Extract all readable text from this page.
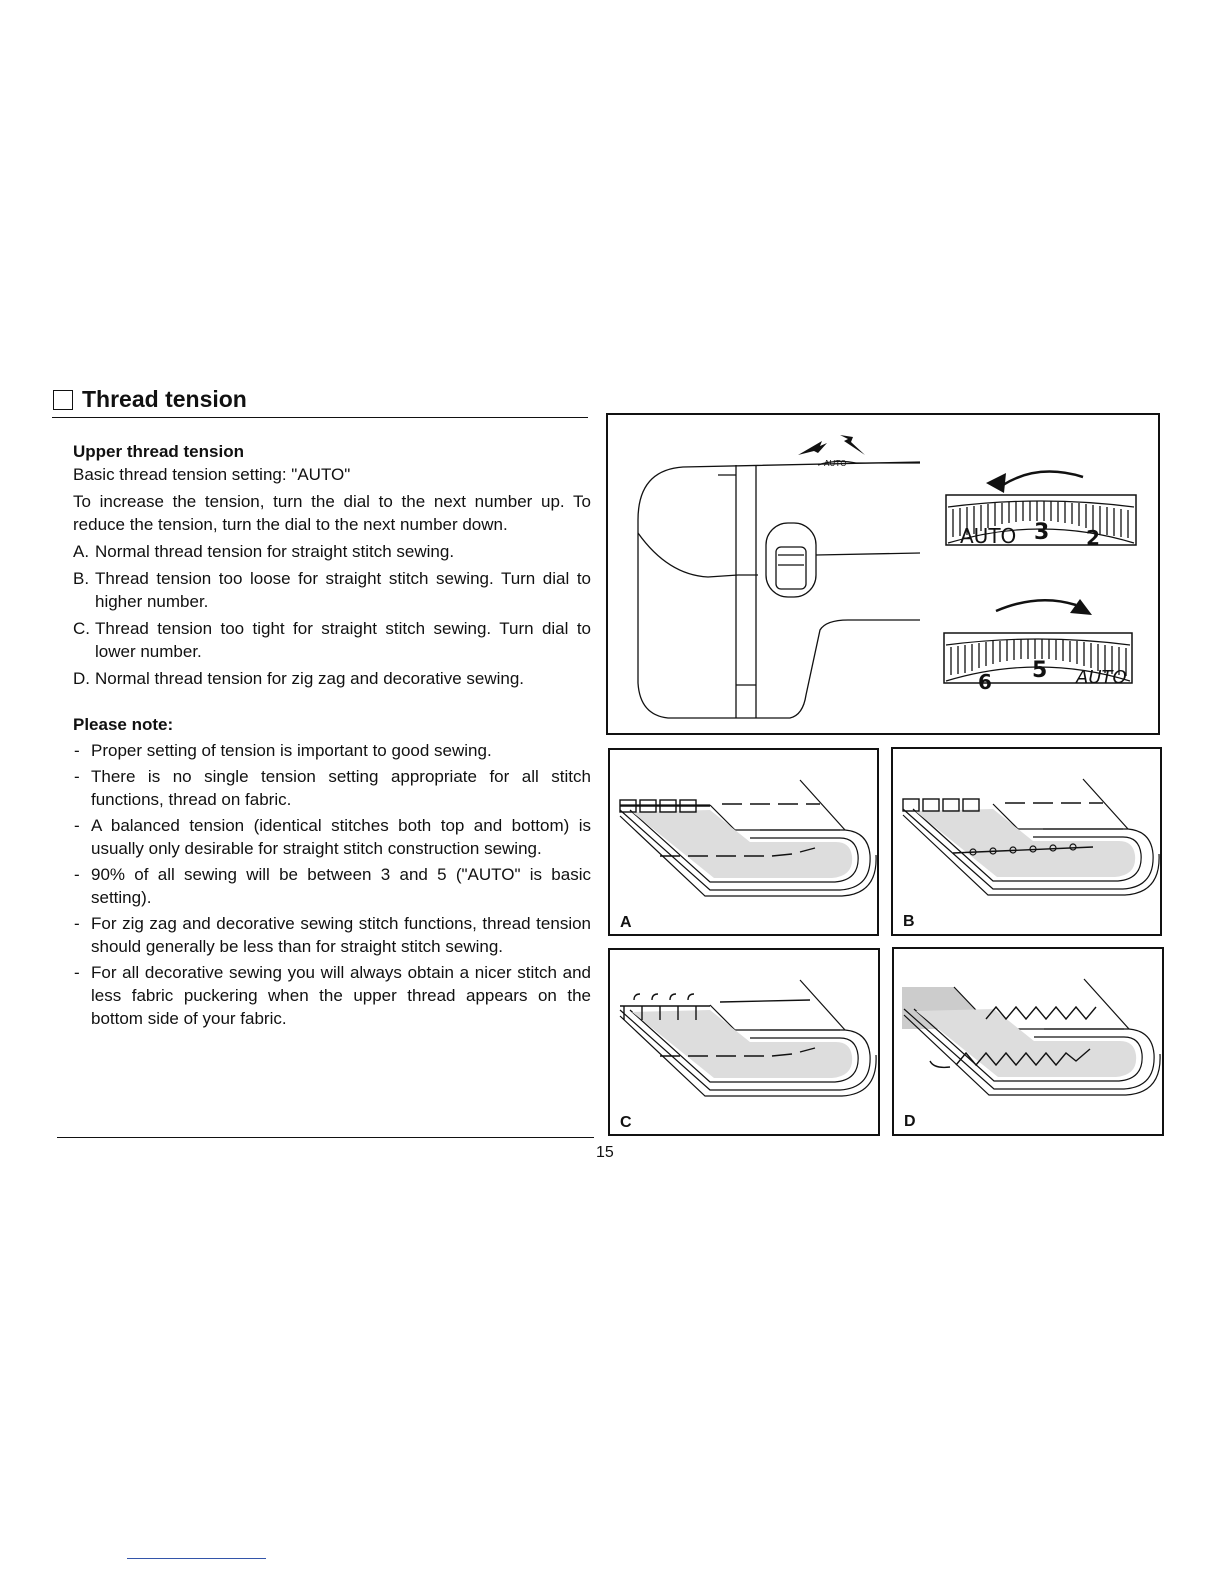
Thread tension

Upper thread tension

Basic thread tension setting: "AUTO"

To increase the tension, turn the dial to the next number up. To reduce the tension, turn the dial to the next number down.

A. Normal thread tension for straight stitch sewing.
B. Thread tension too loose for straight stitch sewing. Turn dial to higher number.
C. Thread tension too tight for straight stitch sewing. Turn dial to lower number.
D. Normal thread tension for zig zag and decorative sewing.

Please note:

- Proper setting of tension is important to good sewing.
- There is no single tension setting appropriate for all stitch functions, thread on fabric.
- A balanced tension (identical stitches both top and bottom) is usually only desirable for straight stitch construction sewing.
- 90% of all sewing will be between 3 and 5 ("AUTO" is basic setting).
- For zig zag and decorative sewing stitch functions, thread tension should generally be less than for straight stitch sewing.
- For all decorative sewing you will always obtain a nicer stitch and less fabric puckering when the upper thread appears on the bottom side of your fabric.
AUTO
AUTO 3 2
6 5 AUTO
A	B
C	D
15
